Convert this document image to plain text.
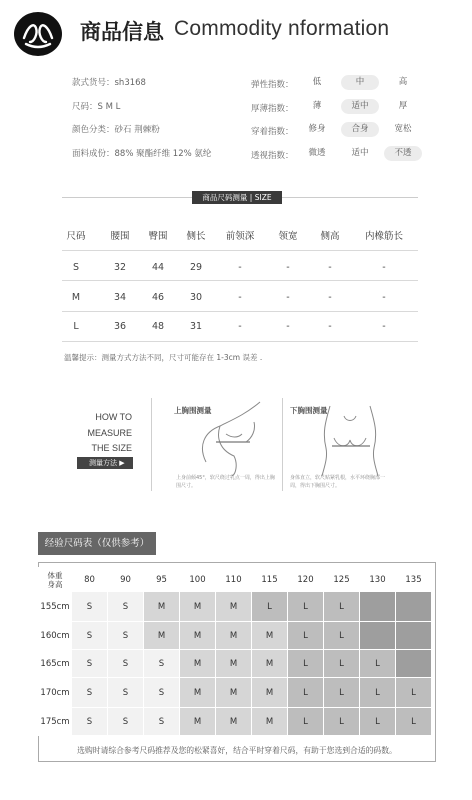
商品信息 Commodity nformation
款式货号：sh3168
尺码：S M L
颜色分类：砂石 荆棘粉
面料成份：88% 聚酯纤维 12% 氨纶
弹性指数：	低	中	高
厚薄指数：	薄	适中	厚
穿着指数：	修身	合身	宽松
透视指数：	微透	适中	不透
商品尺码测量 | SIZE
尺码	腰围 臀围 侧长 前领深	领宽 侧高	内橡筋长
S	32	44	29	-	-	-	-
M	34	46	30	-	-	-	-
L	36	48	31	-	-	-	-
温馨提示：测量方式方法不同，尺寸可能存在 1-3cm 误差 .
HOW TO
MEASURE
THE SIZE
测量方法 ▶
上胸围测量
上身前倾45°，软尺绕过乳点一周，得出上胸围尺寸。
下胸围测量
身体直立，软尺贴紧乳根，水平环绕胸部一周，得出下胸围尺寸。
经验尺码表（仅供参考）
体重
身高	80	90	95	100	110	115	120	125	130	135
155cm	S	S	M	M	M	L	L	L		
160cm	S	S	M	M	M	M	L	L		
165cm	S	S	S	M	M	M	L	L	L	
170cm	S	S	S	M	M	M	L	L	L	L
175cm	S	S	S	M	M	M	L	L	L	L
选购时请综合参考尺码推荐及您的松紧喜好，结合平时穿着尺码，有助于您选到合适的码数。
